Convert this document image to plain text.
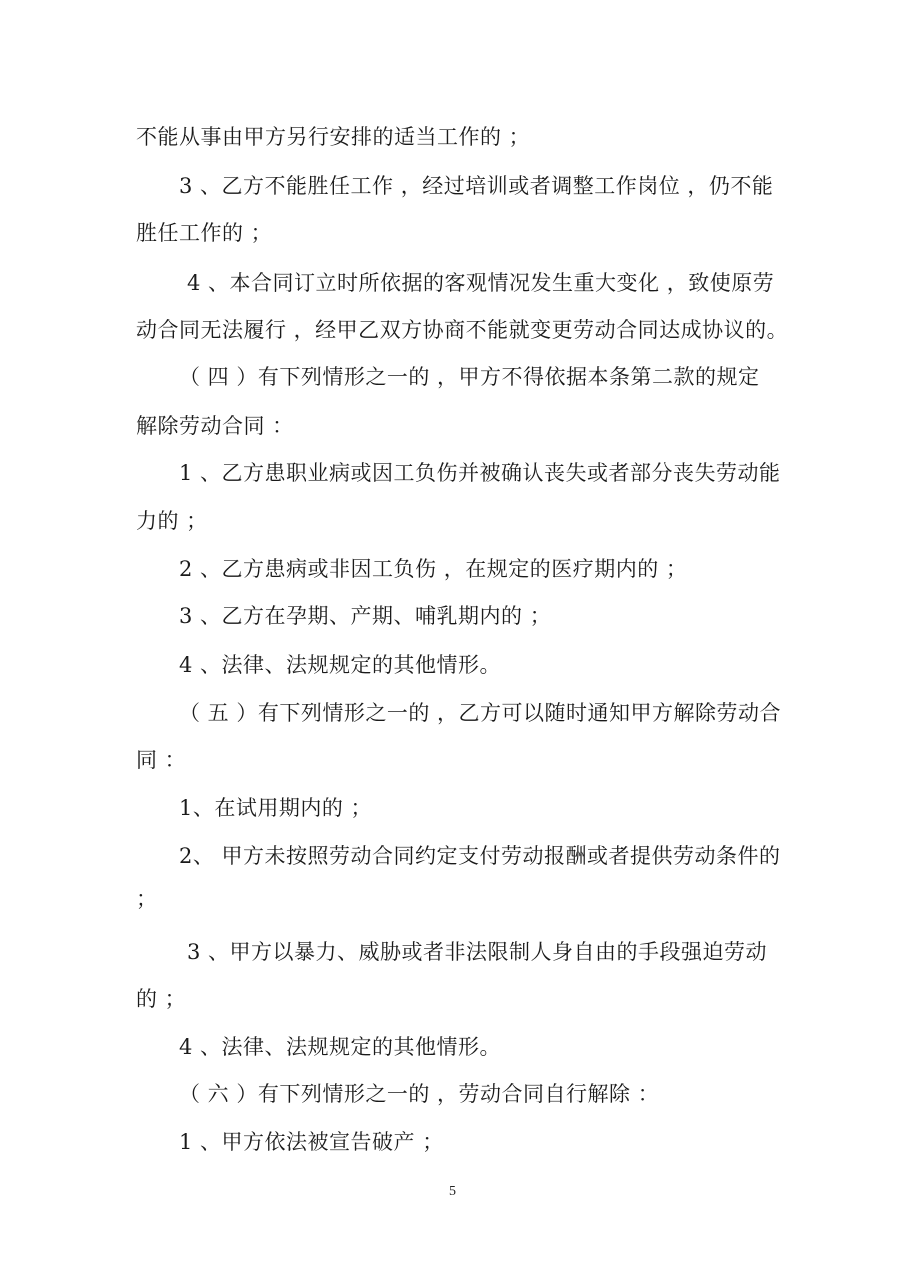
不能从事由甲方另行安排的适当工作的 ；
3 、乙方不能胜任工作 ，经过培训或者调整工作岗位 ，仍不能
胜任工作的 ；
4 、本合同订立时所依据的客观情况发生重大变化 ，致使原劳
动合同无法履行 ，经甲乙双方协商不能就变更劳动合同达成协议的。
（ 四 ）有下列情形之一的 ，甲方不得依据本条第二款的规定
解除劳动合同 ：
1 、乙方患职业病或因工负伤并被确认丧失或者部分丧失劳动能
力的 ；
2 、乙方患病或非因工负伤 ，在规定的医疗期内的 ；
3 、乙方在孕期、产期、哺乳期内的 ；
4 、法律、法规规定的其他情形。
（ 五 ）有下列情形之一的 ，乙方可以随时通知甲方解除劳动合
同 ：
1、在试用期内的 ；
2、 甲方未按照劳动合同约定支付劳动报酬或者提供劳动条件的
；
3 、甲方以暴力、威胁或者非法限制人身自由的手段强迫劳动
的 ；
4 、法律、法规规定的其他情形。
（ 六 ）有下列情形之一的 ，劳动合同自行解除 ：
1 、甲方依法被宣告破产 ；
5
